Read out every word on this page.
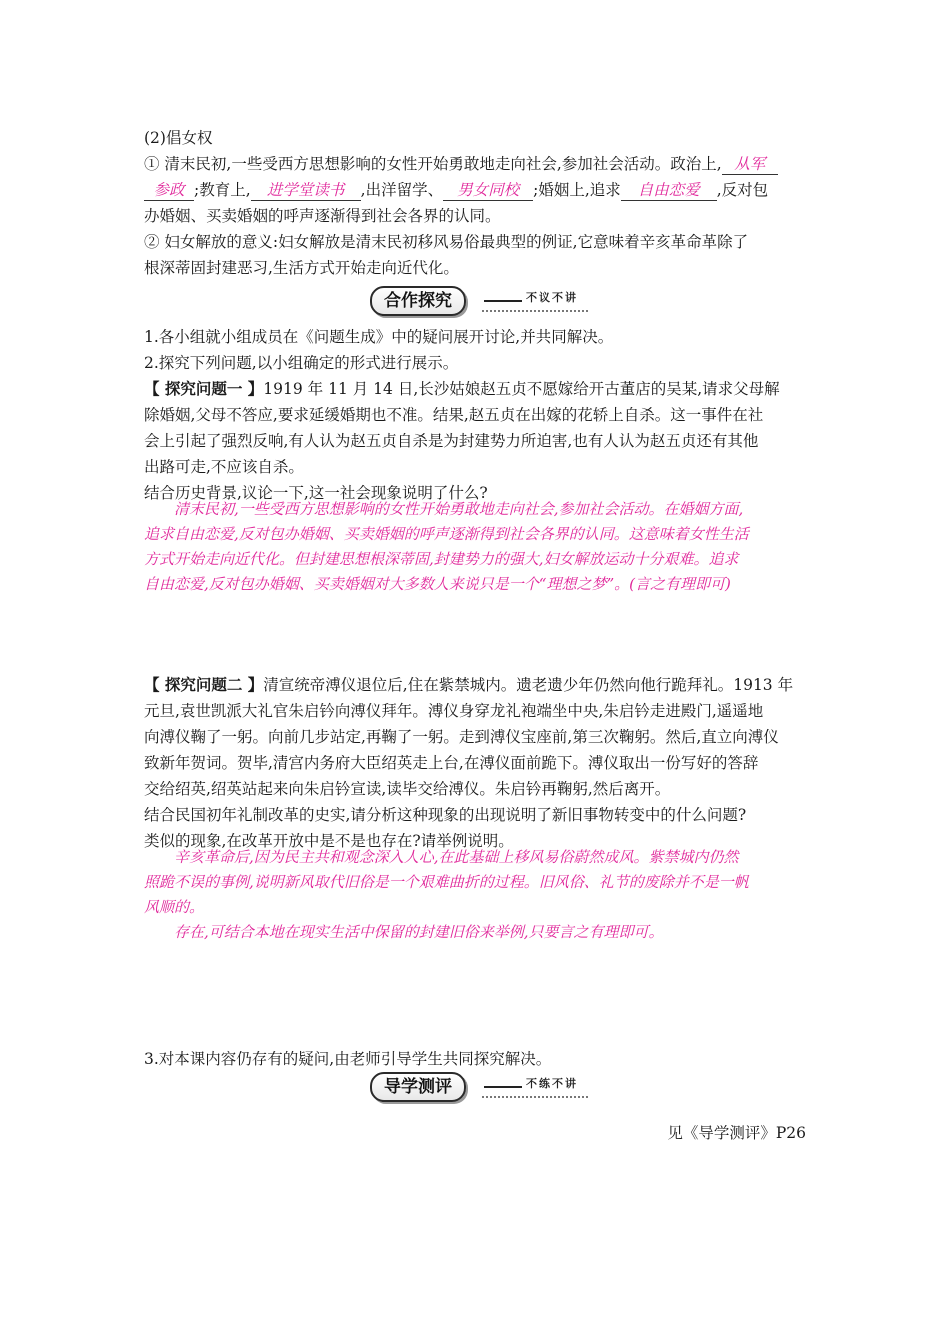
(2)倡女权
① 清末民初,一些受西方思想影响的女性开始勇敢地走向社会,参加社会活动。政治上, 从军
参政 ;教育上, 进学堂读书 ,出洋留学、 男女同校 ;婚姻上,追求 自由恋爱 ,反对包
办婚姻、买卖婚姻的呼声逐渐得到社会各界的认同。
② 妇女解放的意义:妇女解放是清末民初移风易俗最典型的例证,它意味着辛亥革命革除了
根深蒂固封建恶习,生活方式开始走向近代化。
合作探究	不议不讲
1.各小组就小组成员在《问题生成》中的疑问展开讨论,并共同解决。
2.探究下列问题,以小组确定的形式进行展示。
【 探究问题一 】1919 年 11 月 14 日,长沙姑娘赵五贞不愿嫁给开古董店的吴某,请求父母解
除婚姻,父母不答应,要求延缓婚期也不准。结果,赵五贞在出嫁的花轿上自杀。这一事件在社
会上引起了强烈反响,有人认为赵五贞自杀是为封建势力所迫害,也有人认为赵五贞还有其他
出路可走,不应该自杀。
结合历史背景,议论一下,这一社会现象说明了什么?
　　清末民初,一些受西方思想影响的女性开始勇敢地走向社会,参加社会活动。在婚姻方面,
追求自由恋爱,反对包办婚姻、买卖婚姻的呼声逐渐得到社会各界的认同。这意味着女性生活
方式开始走向近代化。但封建思想根深蒂固,封建势力的强大,妇女解放运动十分艰难。追求
自由恋爱,反对包办婚姻、买卖婚姻对大多数人来说只是一个“理想之梦”。(言之有理即可)
【 探究问题二 】清宣统帝溥仪退位后,住在紫禁城内。遗老遗少年仍然向他行跪拜礼。1913 年
元旦,袁世凯派大礼官朱启钤向溥仪拜年。溥仪身穿龙礼袍端坐中央,朱启钤走进殿门,遥遥地
向溥仪鞠了一躬。向前几步站定,再鞠了一躬。走到溥仪宝座前,第三次鞠躬。然后,直立向溥仪
致新年贺词。贺毕,清宫内务府大臣绍英走上台,在溥仪面前跪下。溥仪取出一份写好的答辞
交给绍英,绍英站起来向朱启钤宣读,读毕交给溥仪。朱启钤再鞠躬,然后离开。
结合民国初年礼制改革的史实,请分析这种现象的出现说明了新旧事物转变中的什么问题?
类似的现象,在改革开放中是不是也存在?请举例说明。
　　辛亥革命后,因为民主共和观念深入人心,在此基础上移风易俗蔚然成风。紫禁城内仍然
照跪不误的事例,说明新风取代旧俗是一个艰难曲折的过程。旧风俗、礼节的废除并不是一帆
风顺的。
　　存在,可结合本地在现实生活中保留的封建旧俗来举例,只要言之有理即可。
3.对本课内容仍存有的疑问,由老师引导学生共同探究解决。
导学测评	不练不讲
见《导学测评》P26
